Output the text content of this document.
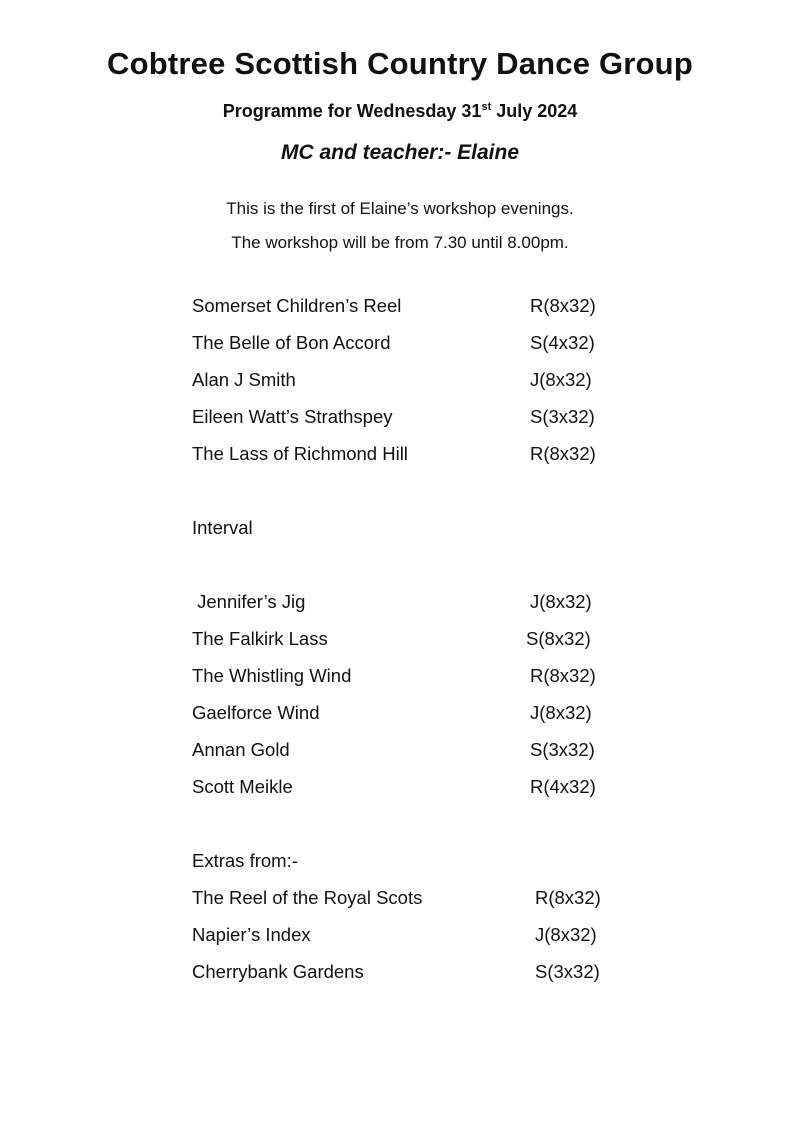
Cobtree Scottish Country Dance Group
Programme for Wednesday 31st July 2024
MC and teacher:- Elaine
This is the first of Elaine’s workshop evenings.
The workshop will be from 7.30 until 8.00pm.
Somerset Children’s Reel	R(8x32)
The Belle of Bon Accord	S(4x32)
Alan J Smith	J(8x32)
Eileen Watt’s Strathspey	S(3x32)
The Lass of Richmond Hill	R(8x32)
Interval
Jennifer’s Jig	J(8x32)
The Falkirk Lass	S(8x32)
The Whistling Wind	R(8x32)
Gaelforce Wind	J(8x32)
Annan Gold	S(3x32)
Scott Meikle	R(4x32)
Extras from:-
The Reel of the Royal Scots	R(8x32)
Napier’s Index	J(8x32)
Cherrybank Gardens	S(3x32)
